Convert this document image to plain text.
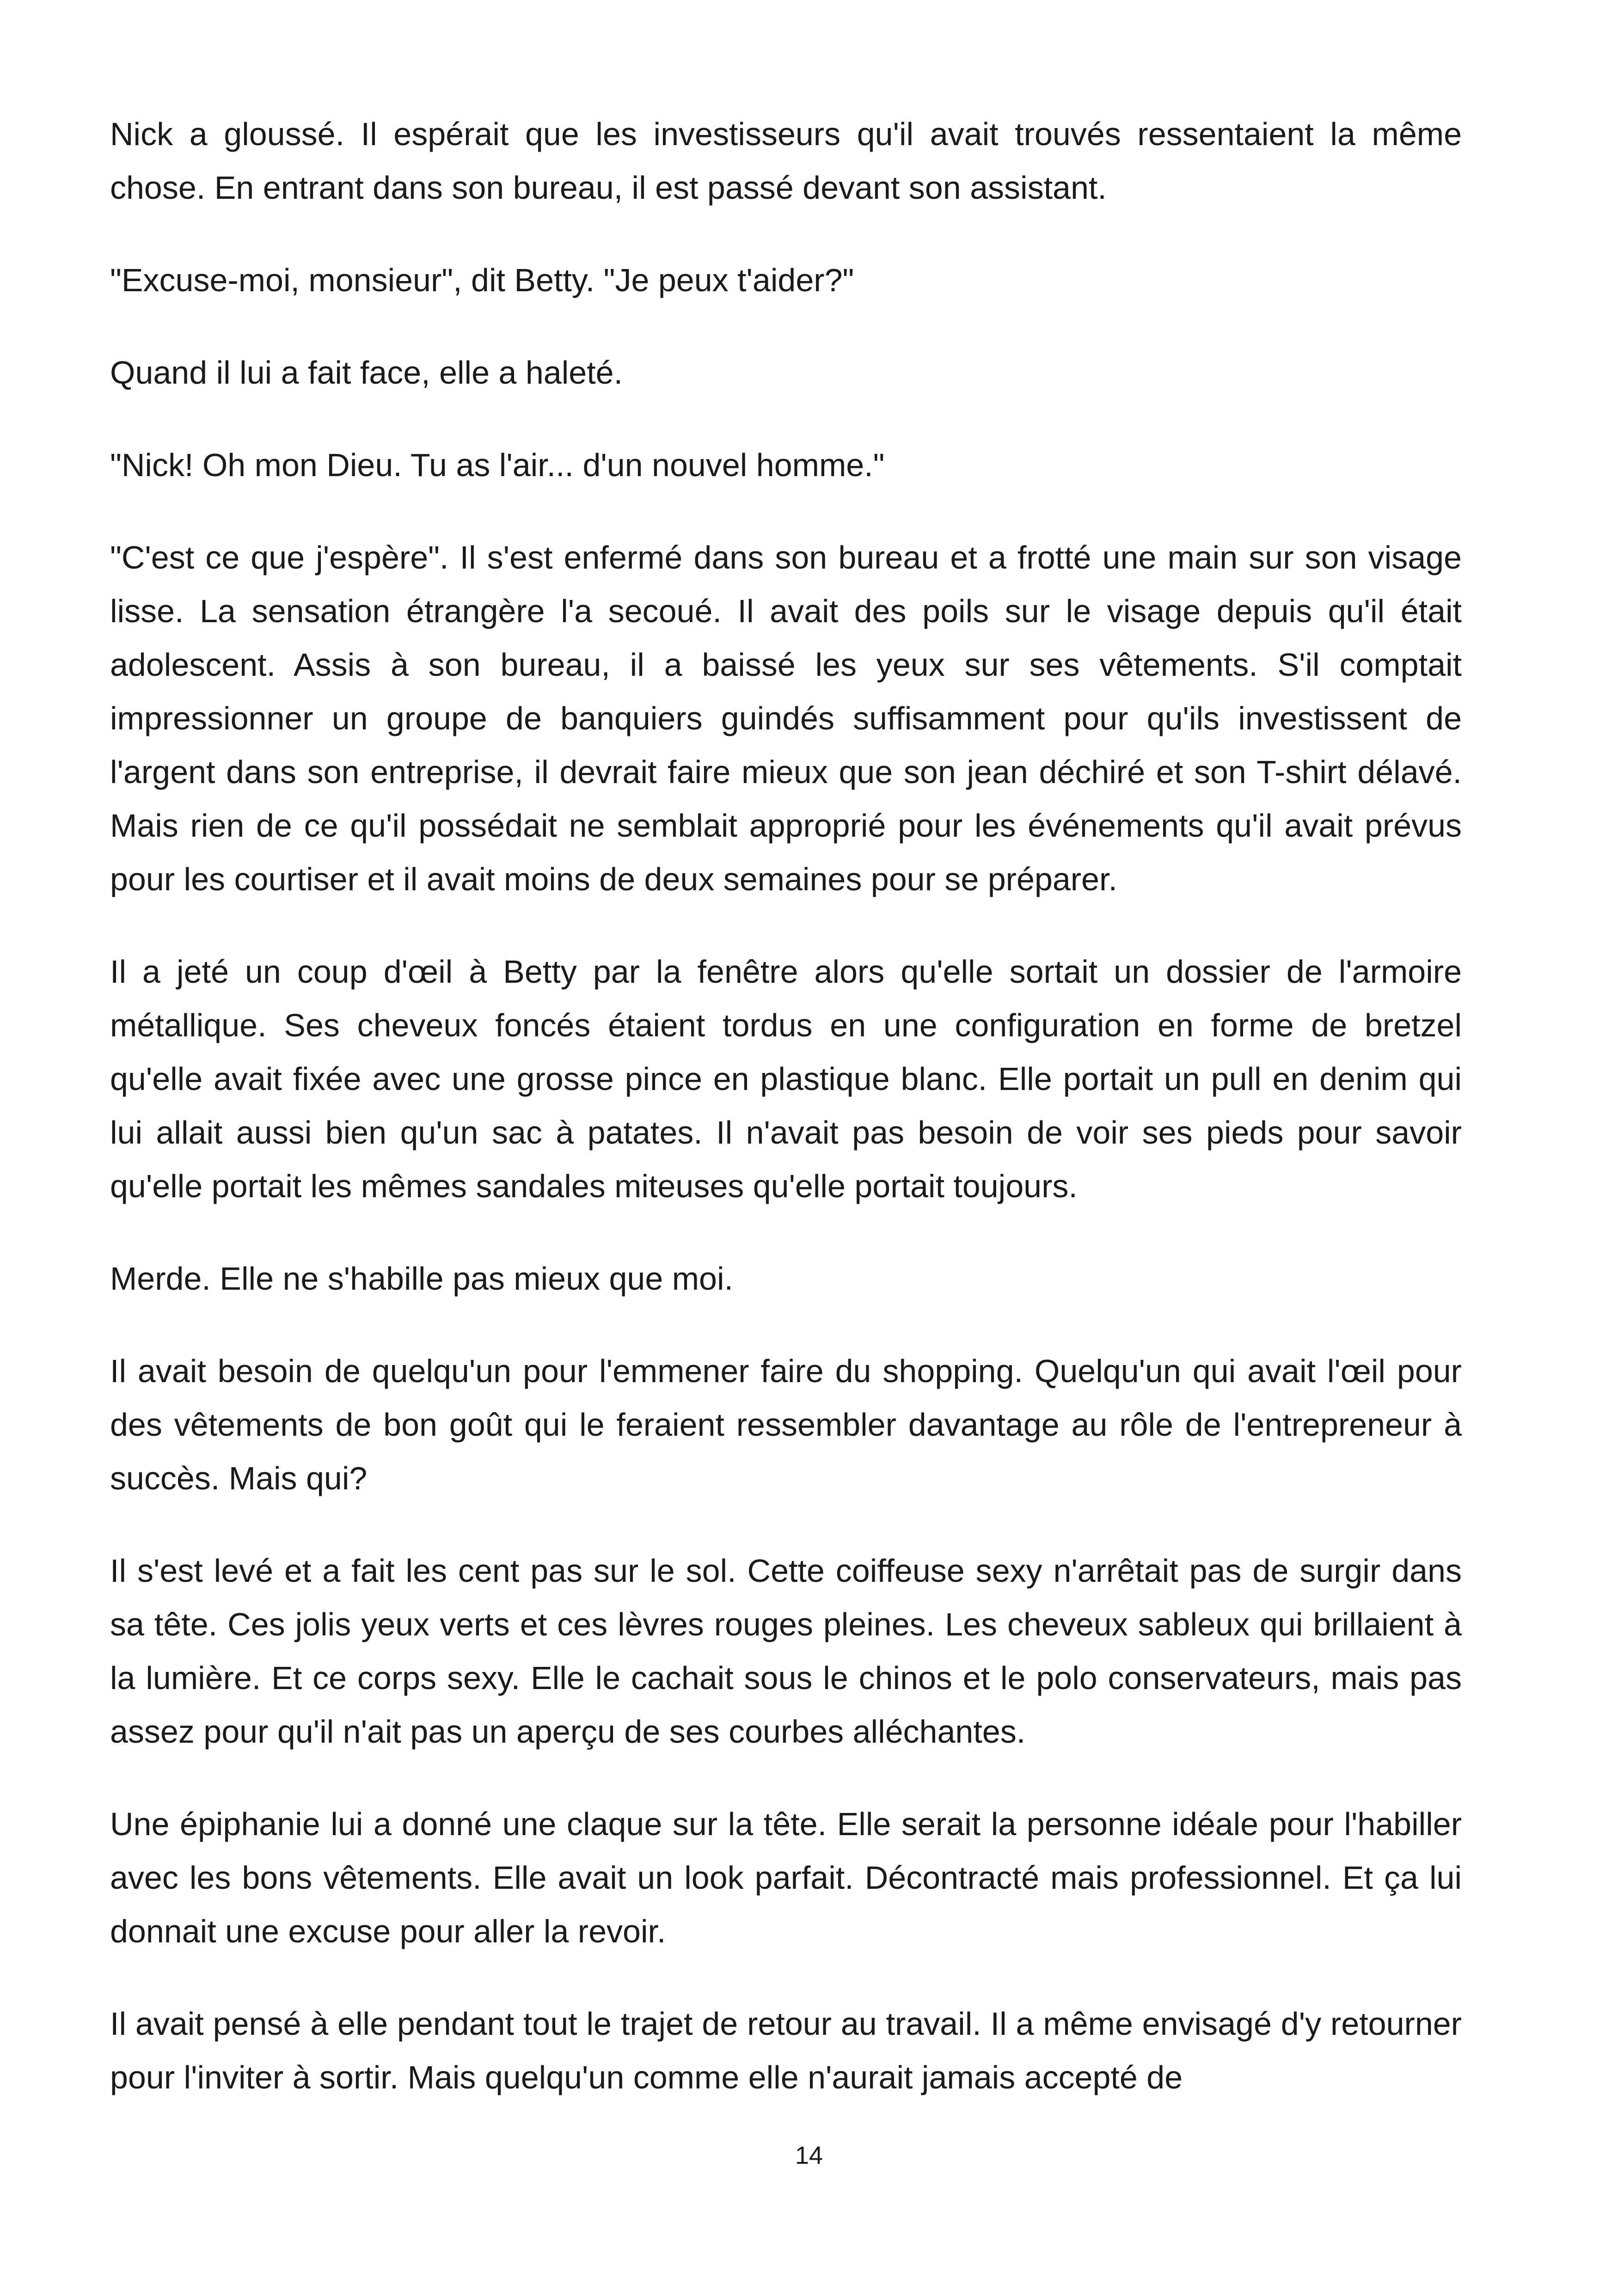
Nick a gloussé. Il espérait que les investisseurs qu'il avait trouvés ressentaient la même chose. En entrant dans son bureau, il est passé devant son assistant.

"Excuse-moi, monsieur", dit Betty. "Je peux t'aider?"

Quand il lui a fait face, elle a haleté.

"Nick! Oh mon Dieu. Tu as l'air... d'un nouvel homme."

"C'est ce que j'espère". Il s'est enfermé dans son bureau et a frotté une main sur son visage lisse. La sensation étrangère l'a secoué. Il avait des poils sur le visage depuis qu'il était adolescent. Assis à son bureau, il a baissé les yeux sur ses vêtements. S'il comptait impressionner un groupe de banquiers guindés suffisamment pour qu'ils investissent de l'argent dans son entreprise, il devrait faire mieux que son jean déchiré et son T-shirt délavé. Mais rien de ce qu'il possédait ne semblait approprié pour les événements qu'il avait prévus pour les courtiser et il avait moins de deux semaines pour se préparer.

Il a jeté un coup d'œil à Betty par la fenêtre alors qu'elle sortait un dossier de l'armoire métallique. Ses cheveux foncés étaient tordus en une configuration en forme de bretzel qu'elle avait fixée avec une grosse pince en plastique blanc. Elle portait un pull en denim qui lui allait aussi bien qu'un sac à patates. Il n'avait pas besoin de voir ses pieds pour savoir qu'elle portait les mêmes sandales miteuses qu'elle portait toujours.

Merde. Elle ne s'habille pas mieux que moi.

Il avait besoin de quelqu'un pour l'emmener faire du shopping. Quelqu'un qui avait l'œil pour des vêtements de bon goût qui le feraient ressembler davantage au rôle de l'entrepreneur à succès. Mais qui?

Il s'est levé et a fait les cent pas sur le sol. Cette coiffeuse sexy n'arrêtait pas de surgir dans sa tête. Ces jolis yeux verts et ces lèvres rouges pleines. Les cheveux sableux qui brillaient à la lumière. Et ce corps sexy. Elle le cachait sous le chinos et le polo conservateurs, mais pas assez pour qu'il n'ait pas un aperçu de ses courbes alléchantes.

Une épiphanie lui a donné une claque sur la tête. Elle serait la personne idéale pour l'habiller avec les bons vêtements. Elle avait un look parfait. Décontracté mais professionnel. Et ça lui donnait une excuse pour aller la revoir.

Il avait pensé à elle pendant tout le trajet de retour au travail. Il a même envisagé d'y retourner pour l'inviter à sortir. Mais quelqu'un comme elle n'aurait jamais accepté de

14
